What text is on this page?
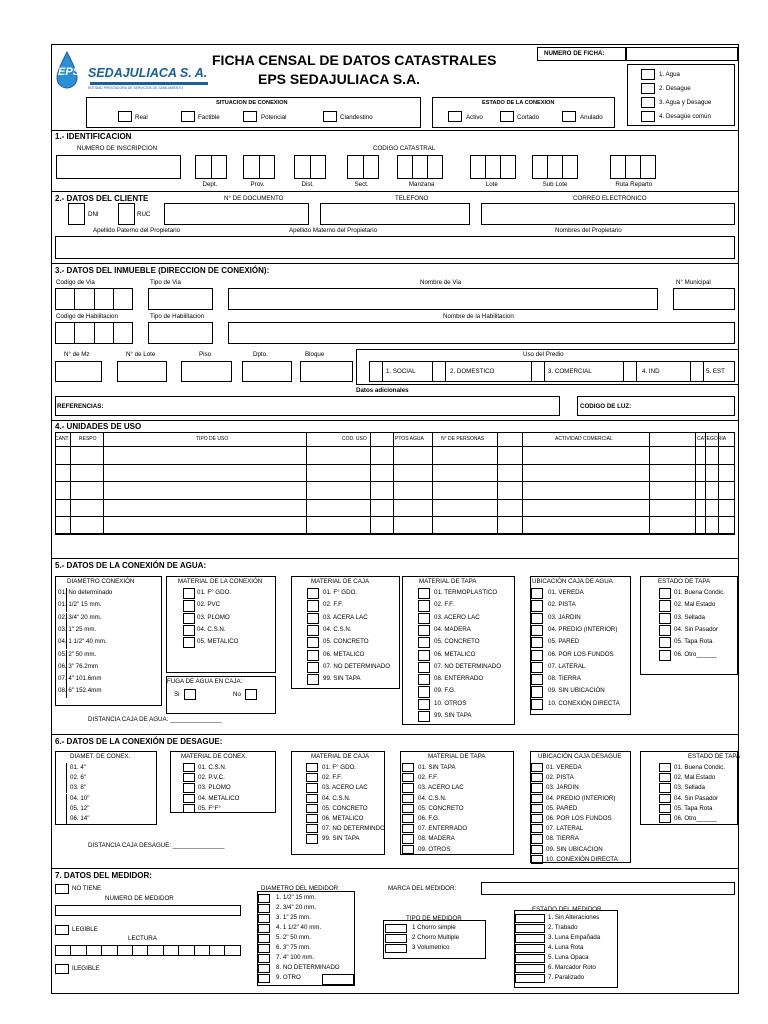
EPS SEDAJULIACA S. A.
ENTIDAD PRESTADORA DE SERVICIOS DE SANEAMIENTO
FICHA CENSAL DE DATOS CATASTRALES
EPS SEDAJULIACA S.A.
NUMERO DE FICHA:
1. Agua
2. Desague
3. Agua y Desague
4. Desagüe común
SITUACION DE CONEXION
Real	Factible	Potencial	Clandestino
ESTADO DE LA CONEXION
Activo	Cortado	Anulado
1.- IDENTIFICACION
NUMERO DE INSCRIPCION	CODIGO CATASTRAL
2.- DATOS DEL CLIENTE	N° DE DOCUMENTO	TELEFONO	CORREO ELECTRONICO
DNI	RUC
Apellido Paterno del Propietario	Apellido Materno del Propietario	Nombres del Propietario
3.- DATOS DEL INMUEBLE (DIRECCION DE CONEXIÓN):
Codigo de Via	Tipo de Via	Nombre de Via	N° Municipal

Codigo de Habilitacion	Tipo de Habilitacion	Nombre de la Habilitacion

N° de Mz	N° de Lote	Piso	Dpto.	Bloque	Uso del Predio
Datos adicionales
REFERENCIAS:	CODIGO DE LUZ:
4.- UNIDADES DE USO
5.- DATOS DE LA CONEXIÓN DE AGUA:
DISTANCIA CAJA DE AGUA: _______________
6.- DATOS DE LA CONEXIÓN DE DESAGUE:
DISTANCIA CAJA DESAGUE: _______________
7. DATOS DEL MEDIDOR:
NO TIENE
NUMERO DE MEDIDOR
LEGIBLE
LECTURA

ILEGIBLE
DIAMETRO DEL MEDIDOR	MARCA DEL MEDIDOR:
TIPO DE MEDIDOR
ESTADO DEL MEDIDOR

Dept.
		Prov.
		Dist.
		Sect.
			Manzana
			Lote
			Sub Lote
			Ruta Reparto
1. SOCIAL	2. DOMESTICO	3. COMERCIAL	4. IND	5. EST
CANT RESPO	TIPO DE USO	COD. USO	PTOS AGUA	N° DE PERSONAS	ACTIVIDAD COMERCIAL	CATEGORIA
DIAMETRO CONEXIÓN
01. No determinado
01. 1/2" 15 mm.
02. 3/4" 20 mm.
03. 1" 25 mm.
04. 1 1/2" 40 mm.
05. 2" 50 mm.
06. 3" 76.2mm
07. 4" 101.6mm
08. 6" 152.4mm
MATERIAL DE LA CONEXIÓN
01. F° GDO.
02. PVC
03. PLOMO
04. C.S.N.
05. METALICO
FUGA DE AGUA EN CAJA:
Si	No
MATERIAL DE CAJA
01. F° GDO.
02. F.F.
03. ACERA LAC
04. C.S.N.
05. CONCRETO
06. METALICO
07. NO DETERMINADO
99. SIN TAPA
MATERIAL DE TAPA
01. TERMOPLASTICO
02. F.F.
03. ACERO LAC
04. MADERA
05. CONCRETO
06. METALICO
07. NO DETERMINADO
08. ENTERRADO
09. F.G.
10. OTROS
99. SIN TAPA
UBICACIÓN CAJA DE AGUA
01. VEREDA
02. PISTA
03. JARDIN
04. PREDIO (INTERIOR)
05. PARED
06. POR LOS FUNDOS
07. LATERAL
08. TIERRA
09. SIN UBICACIÓN
10. CONEXIÓN DIRECTA
ESTADO DE TAPA
01. Buena Condic.
02. Mal Estado
03. Sellada
04. Sin Pasador
05. Tapa Rota
06. Otro______
DIAMET. DE CONEX.
01. 4"
02. 6"
03. 8"
04. 10"
05. 12"
06. 14"
MATERIAL DE CONEX.
01. C.S.N.
02. P.V.C.
03. PLOMO
04. METALICO
05. F°F°
MATERIAL DE CAJA
01. F° GDO.
02. F.F.
03. ACERO LAC
04. C.S.N.
05. CONCRETO
06. METALICO
07. NO DETERMINDO
99. SIN TAPA
MATERIAL DE TAPA
01. SIN TAPA
02. F.F.
03. ACERO LAC
04. C.S.N.
05. CONCRETO
06. F.G.
07. ENTERRADO
08. MADERA
09. OTROS
UBICACIÓN CAJA DESAGUE
01. VEREDA
02. PISTA
03. JARDIN
04. PREDIO (INTERIOR)
05. PARED
06. POR LOS FUNDOS
07. LATERAL
08. TIERRA
09. SIN UBICACION
10. CONEXIÓN DIRECTA
ESTADO DE TAPA
01. Buena Condic.
02. Mal Estado
03. Sellada
04. Sin Pasador
05. Tapa Rota
06. Otro______
1. 1/2" 15 mm.
2. 3/4" 20 mm.
3. 1" 25 mm.
4. 1 1/2" 40 mm.
5. 2" 50 mm.
6. 3" 75 mm.
7. 4" 100 mm.
8. NO DETERMINADO
9. OTRO
1 Chorro simple
2 Chorro Multiple
3 Volumetrico
1. Sin Alteraciones
2. Trabado
3. Luna Empañada
4. Luna Rota
5. Luna Opaca
6. Marcador Roto
7. Paralizado
